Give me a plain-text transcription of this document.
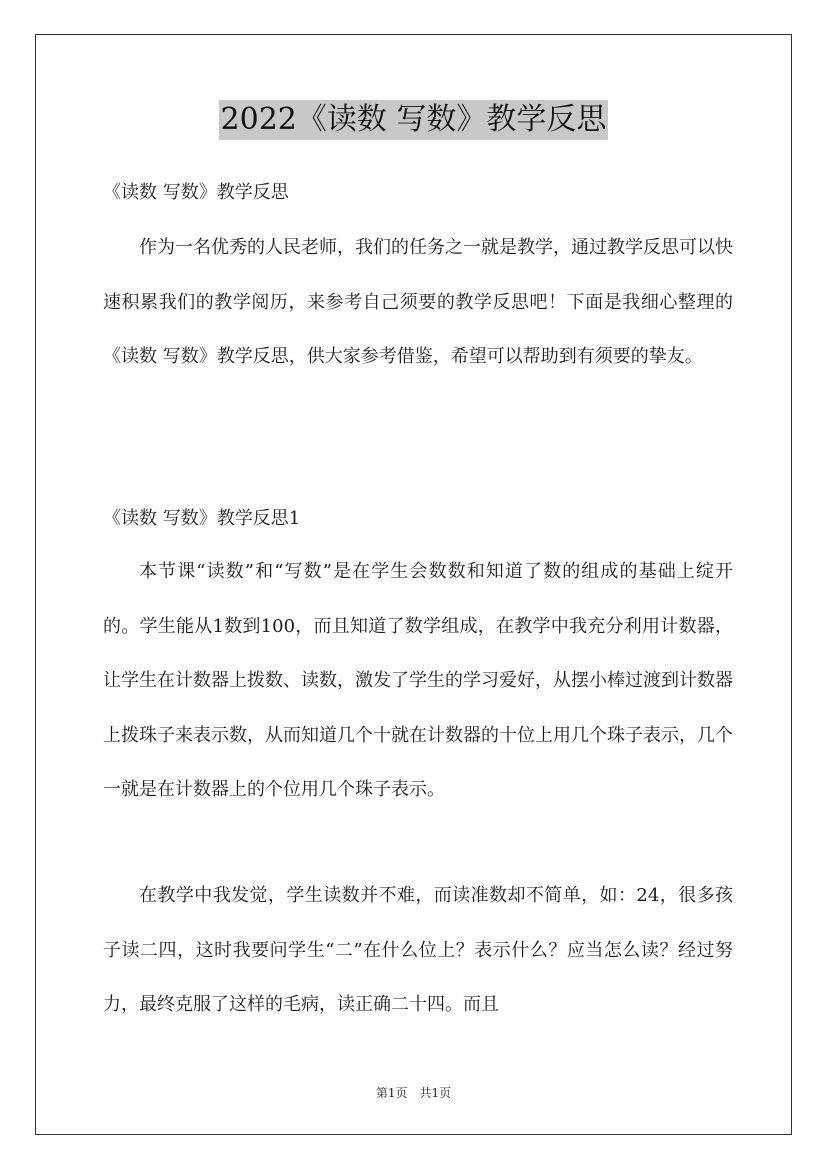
2022《读数 写数》教学反思

《读数 写数》教学反思

作为一名优秀的人民老师，我们的任务之一就是教学，通过教学反思可以快速积累我们的教学阅历，来参考自己须要的教学反思吧！下面是我细心整理的《读数 写数》教学反思，供大家参考借鉴，希望可以帮助到有须要的挚友。

《读数 写数》教学反思1

本节课“读数”和“写数”是在学生会数数和知道了数的组成的基础上绽开的。学生能从1数到100，而且知道了数学组成，在教学中我充分利用计数器，让学生在计数器上拨数、读数，激发了学生的学习爱好，从摆小棒过渡到计数器上拨珠子来表示数，从而知道几个十就在计数器的十位上用几个珠子表示，几个一就是在计数器上的个位用几个珠子表示。

在教学中我发觉，学生读数并不难，而读准数却不简单，如：24，很多孩子读二四，这时我要问学生“二”在什么位上？表示什么？应当怎么读？经过努力，最终克服了这样的毛病，读正确二十四。而且

第1页 共1页
